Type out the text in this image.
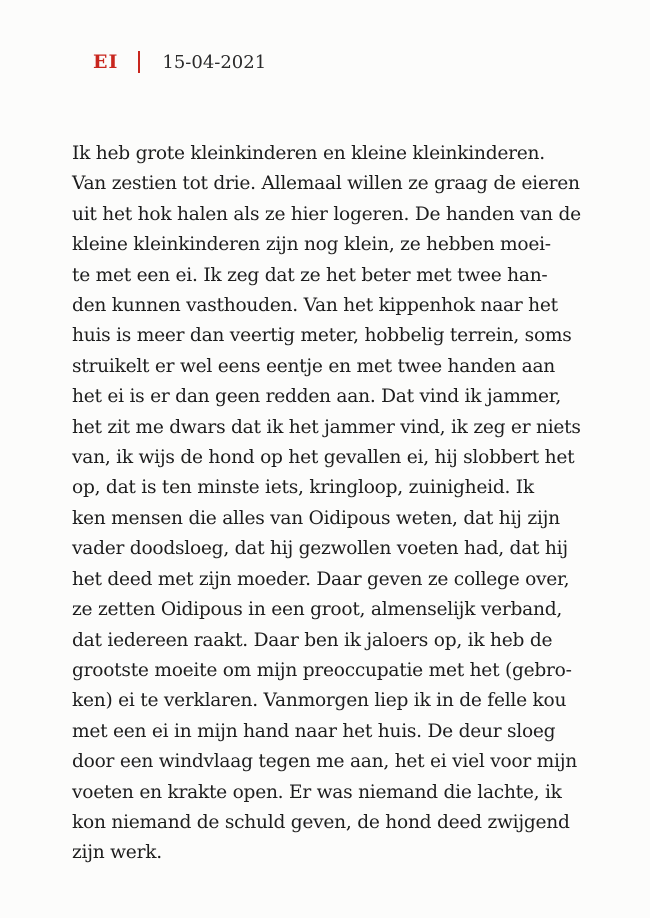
EI 15-04-2021
Ik heb grote kleinkinderen en kleine kleinkinderen.
Van zestien tot drie. Allemaal willen ze graag de eieren
uit het hok halen als ze hier logeren. De handen van de
kleine kleinkinderen zijn nog klein, ze hebben moei-
te met een ei. Ik zeg dat ze het beter met twee han-
den kunnen vasthouden. Van het kippenhok naar het
huis is meer dan veertig meter, hobbelig terrein, soms
struikelt er wel eens eentje en met twee handen aan
het ei is er dan geen redden aan. Dat vind ik jammer,
het zit me dwars dat ik het jammer vind, ik zeg er niets
van, ik wijs de hond op het gevallen ei, hij slobbert het
op, dat is ten minste iets, kringloop, zuinigheid. Ik
ken mensen die alles van Oidipous weten, dat hij zijn
vader doodsloeg, dat hij gezwollen voeten had, dat hij
het deed met zijn moeder. Daar geven ze college over,
ze zetten Oidipous in een groot, almenselijk verband,
dat iedereen raakt. Daar ben ik jaloers op, ik heb de
grootste moeite om mijn preoccupatie met het (gebro-
ken) ei te verklaren. Vanmorgen liep ik in de felle kou
met een ei in mijn hand naar het huis. De deur sloeg
door een windvlaag tegen me aan, het ei viel voor mijn
voeten en krakte open. Er was niemand die lachte, ik
kon niemand de schuld geven, de hond deed zwijgend
zijn werk.
